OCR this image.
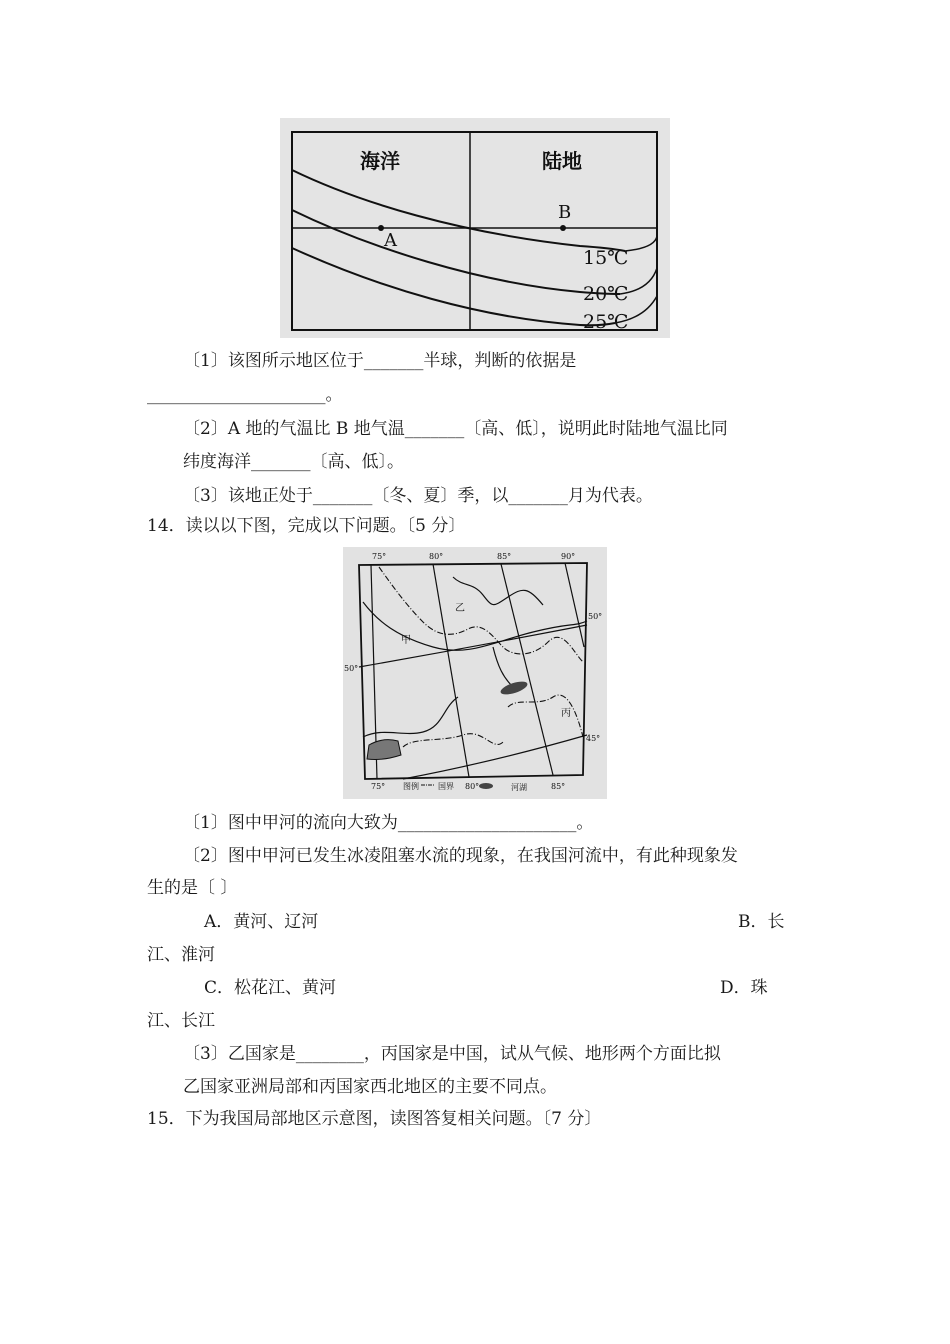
海洋	陆地
A
B
15℃
20℃
25℃
〔1〕该图所示地区位于_______半球，判断的依据是
_____________________。
〔2〕A 地的气温比 B 地气温_______〔高、低〕，说明此时陆地气温比同
纬度海洋_______〔高、低〕。
〔3〕该地正处于_______〔冬、夏〕季，以_______月为代表。
14．读以以下图，完成以下问题。〔5 分〕
75°	80°	85°	90°
75°	80°	85°
50°
50°
45°
乙
甲
丙
图例 国界	河湖
〔1〕图中甲河的流向大致为_____________________。
〔2〕图中甲河已发生冰凌阻塞水流的现象，在我国河流中，有此种现象发
生的是〔 〕
A．黄河、辽河	B．长
江、淮河
C．松花江、黄河	D．珠
江、长江
〔3〕乙国家是________，丙国家是中国，试从气候、地形两个方面比拟
乙国家亚洲局部和丙国家西北地区的主要不同点。
15．下为我国局部地区示意图，读图答复相关问题。〔7 分〕
